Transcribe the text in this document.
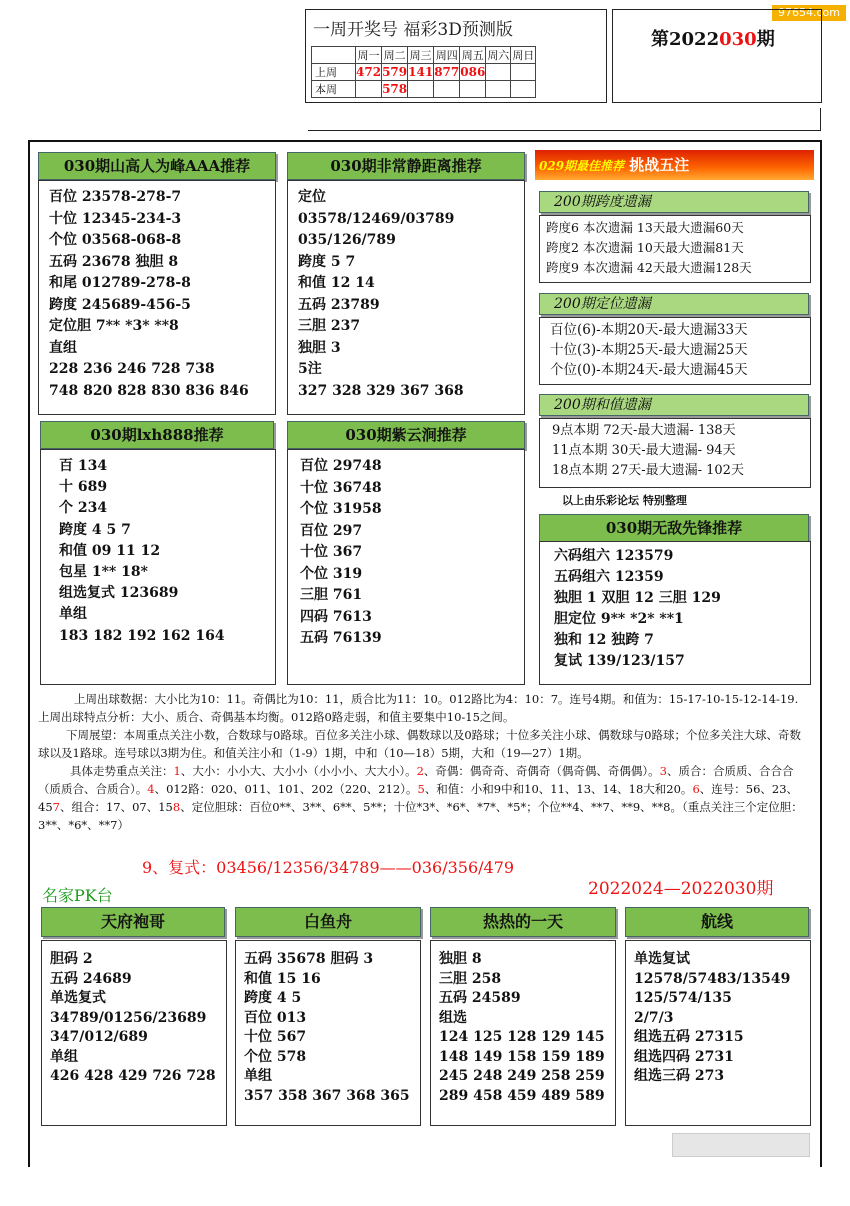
97654.com
一周开奖号 福彩3D预测版
	周一	周二	周三	周四	周五	周六	周日
上周	472	579	141	877	086		
本周		578					
第2022030期
030期山高人为峰AAA推荐
百位 23578-278-7
十位 12345-234-3
个位 03568-068-8
五码 23678 独胆 8
和尾 012789-278-8
跨度 245689-456-5
定位胆 7** *3* **8
直组
228 236 246 728 738
748 820 828 830 836 846
030期非常静距离推荐
定位
03578/12469/03789
035/126/789
跨度 5 7
和值 12 14
五码 23789
三胆 237
独胆 3
5注
327 328 329 367 368
030期lxh888推荐
百 134
十 689
个 234
跨度 4 5 7
和值 09 11 12
包星 1** 18*
组选复式 123689
单组
183 182 192 162 164
030期紫云涧推荐
百位 29748
十位 36748
个位 31958
百位 297
十位 367
个位 319
三胆 761
四码 7613
五码 76139
029期最佳推荐 挑战五注
200期跨度遗漏
跨度6 本次遗漏 13天最大遗漏60天
跨度2 本次遗漏 10天最大遗漏81天
跨度9 本次遗漏 42天最大遗漏128天
200期定位遗漏
百位(6)-本期20天-最大遗漏33天
十位(3)-本期25天-最大遗漏25天
个位(0)-本期24天-最大遗漏45天
200期和值遗漏
9点本期 72天-最大遗漏- 138天
11点本期 30天-最大遗漏- 94天
18点本期 27天-最大遗漏- 102天
以上由乐彩论坛 特别整理
030期无敌先锋推荐
六码组六 123579
五码组六 12359
独胆 1 双胆 12 三胆 129
胆定位 9** *2* **1
独和 12 独跨 7
复试 139/123/157

上周出球数据：大小比为10：11。奇偶比为10：11，质合比为11：10。012路比为4：10：7。连号4期。和值为：15-17-10-15-12-14-19.上周出球特点分析：大小、质合、奇偶基本均衡。012路0路走弱，和值主要集中10-15之间。

下周展望：本周重点关注小数，合数球与0路球。百位多关注小球、偶数球以及0路球；十位多关注小球、偶数球与0路球；个位多关注大球、奇数球以及1路球。连号球以3期为住。和值关注小和（1-9）1期，中和（10—18）5期，大和（19—27）1期。

具体走势重点关注：1、大小：小小大、大小小（小小小、大大小）。2、奇偶：偶奇奇、奇偶奇（偶奇偶、奇偶偶）。3、质合：合质质、合合合 （质质合、合质合）。4、012路：020、011、101、202（220、212）。5、和值：小和9中和10、11、13、14、18大和20。6、连号：56、23、457、组合：17、07、158、定位胆球：百位0**、3**、6**、5**；十位*3*、*6*、*7*、*5*；个位**4、**7、**9、**8。（重点关注三个定位胆：3**、*6*、**7）

9、复式：03456/12356/34789——036/356/479
名家PK台	2022024—2022030期
天府袍哥
胆码 2
五码 24689
单选复式
34789/01256/23689
347/012/689
单组
426 428 429 726 728
白鱼舟
五码 35678 胆码 3
和值 15 16
跨度 4 5
百位 013
十位 567
个位 578
单组
357 358 367 368 365
热热的一天
独胆 8
三胆 258
五码 24589
组选
124 125 128 129 145
148 149 158 159 189
245 248 249 258 259
289 458 459 489 589
航线
单选复试
12578/57483/13549
125/574/135
2/7/3
组选五码 27315
组选四码 2731
组选三码 273
